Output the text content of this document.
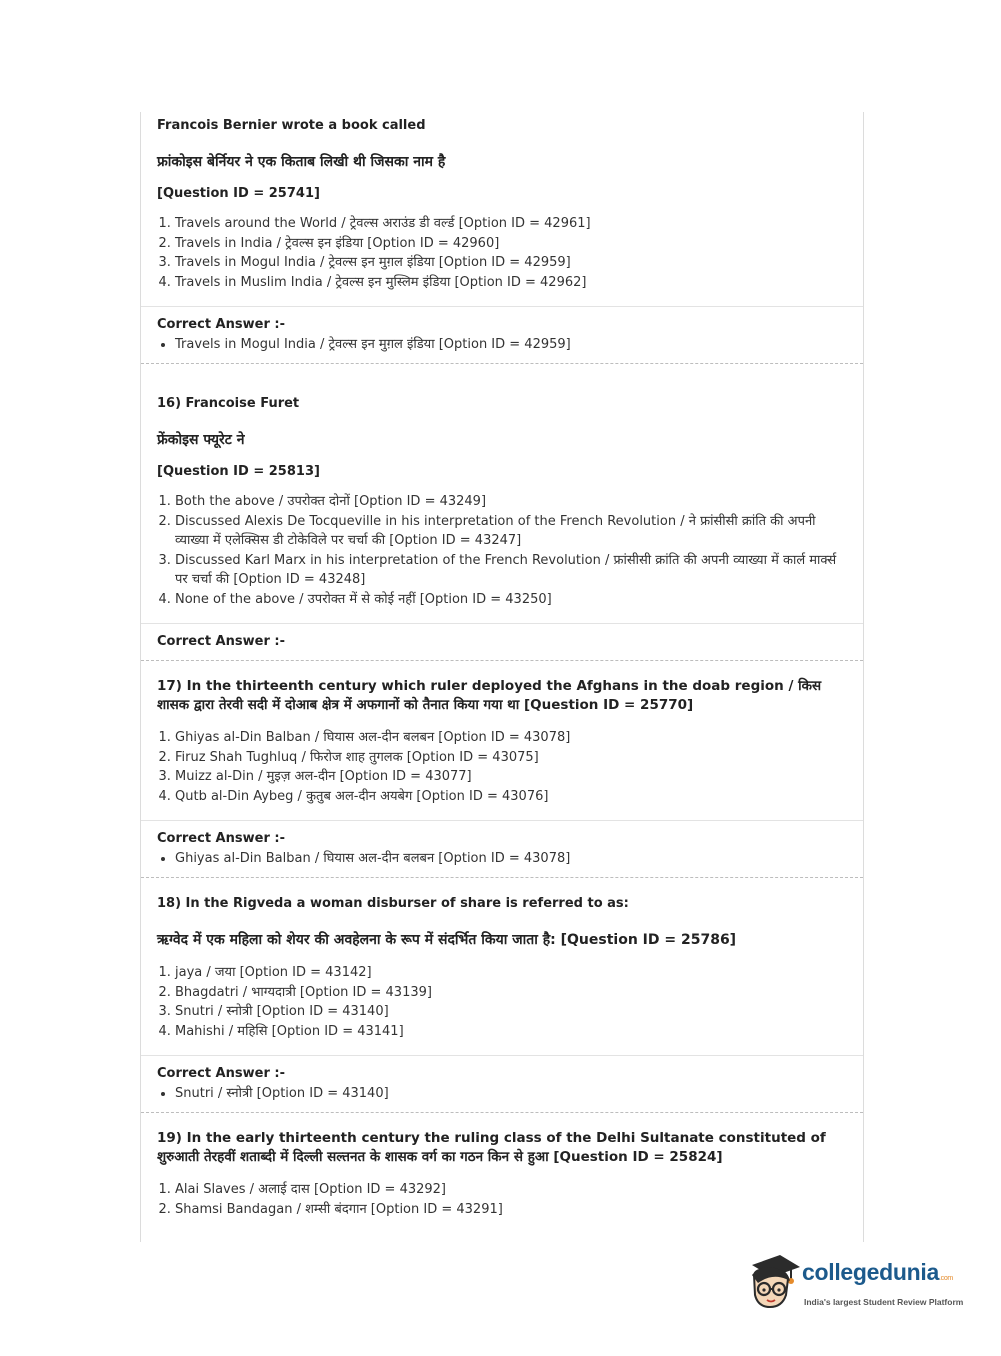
Francois Bernier wrote a book called

फ्रांकोइस बेर्नियर ने एक किताब लिखी थी जिसका नाम है

[Question ID = 25741]

1. Travels around the World / ट्रेवल्स अराउंड डी वर्ल्ड [Option ID = 42961]
2. Travels in India / ट्रेवल्स इन इंडिया [Option ID = 42960]
3. Travels in Mogul India / ट्रेवल्स इन मुग़ल इंडिया [Option ID = 42959]
4. Travels in Muslim India / ट्रेवल्स इन मुस्लिम इंडिया [Option ID = 42962]

Correct Answer :-

• Travels in Mogul India / ट्रेवल्स इन मुग़ल इंडिया [Option ID = 42959]

16) Francoise Furet

फ्रेंकोइस फ्यूरेट ने

[Question ID = 25813]

1. Both the above / उपरोक्त दोनों [Option ID = 43249]
2. Discussed Alexis De Tocqueville in his interpretation of the French Revolution / ने फ्रांसीसी क्रांति की अपनी व्याख्या में एलेक्सिस डी टोकेविले पर चर्चा की [Option ID = 43247]
3. Discussed Karl Marx in his interpretation of the French Revolution / फ्रांसीसी क्रांति की अपनी व्याख्या में कार्ल मार्क्स पर चर्चा की [Option ID = 43248]
4. None of the above / उपरोक्त में से कोई नहीं [Option ID = 43250]

Correct Answer :-

17) In the thirteenth century which ruler deployed the Afghans in the doab region / किस शासक द्वारा तेरवी सदी में दोआब क्षेत्र में अफगानों को तैनात किया गया था [Question ID = 25770]

1. Ghiyas al-Din Balban / घियास अल-दीन बलबन [Option ID = 43078]
2. Firuz Shah Tughluq / फिरोज शाह तुगलक [Option ID = 43075]
3. Muizz al-Din / मुइज़ अल-दीन [Option ID = 43077]
4. Qutb al-Din Aybeg / कुतुब अल-दीन अयबेग [Option ID = 43076]

Correct Answer :-

• Ghiyas al-Din Balban / घियास अल-दीन बलबन [Option ID = 43078]

18) In the Rigveda a woman disburser of share is referred to as:

ऋग्वेद में एक महिला को शेयर की अवहेलना के रूप में संदर्भित किया जाता है: [Question ID = 25786]

1. jaya / जया [Option ID = 43142]
2. Bhagdatri / भाग्यदात्री [Option ID = 43139]
3. Snutri / स्नोत्री [Option ID = 43140]
4. Mahishi / महिसि [Option ID = 43141]

Correct Answer :-

• Snutri / स्नोत्री [Option ID = 43140]

19) In the early thirteenth century the ruling class of the Delhi Sultanate constituted of शुरुआती तेरहवीं शताब्दी में दिल्ली सल्तनत के शासक वर्ग का गठन किन से हुआ [Question ID = 25824]

1. Alai Slaves / अलाई दास [Option ID = 43292]
2. Shamsi Bandagan / शम्सी बंदगान [Option ID = 43291]
collegedunia.com
India's largest Student Review Platform
